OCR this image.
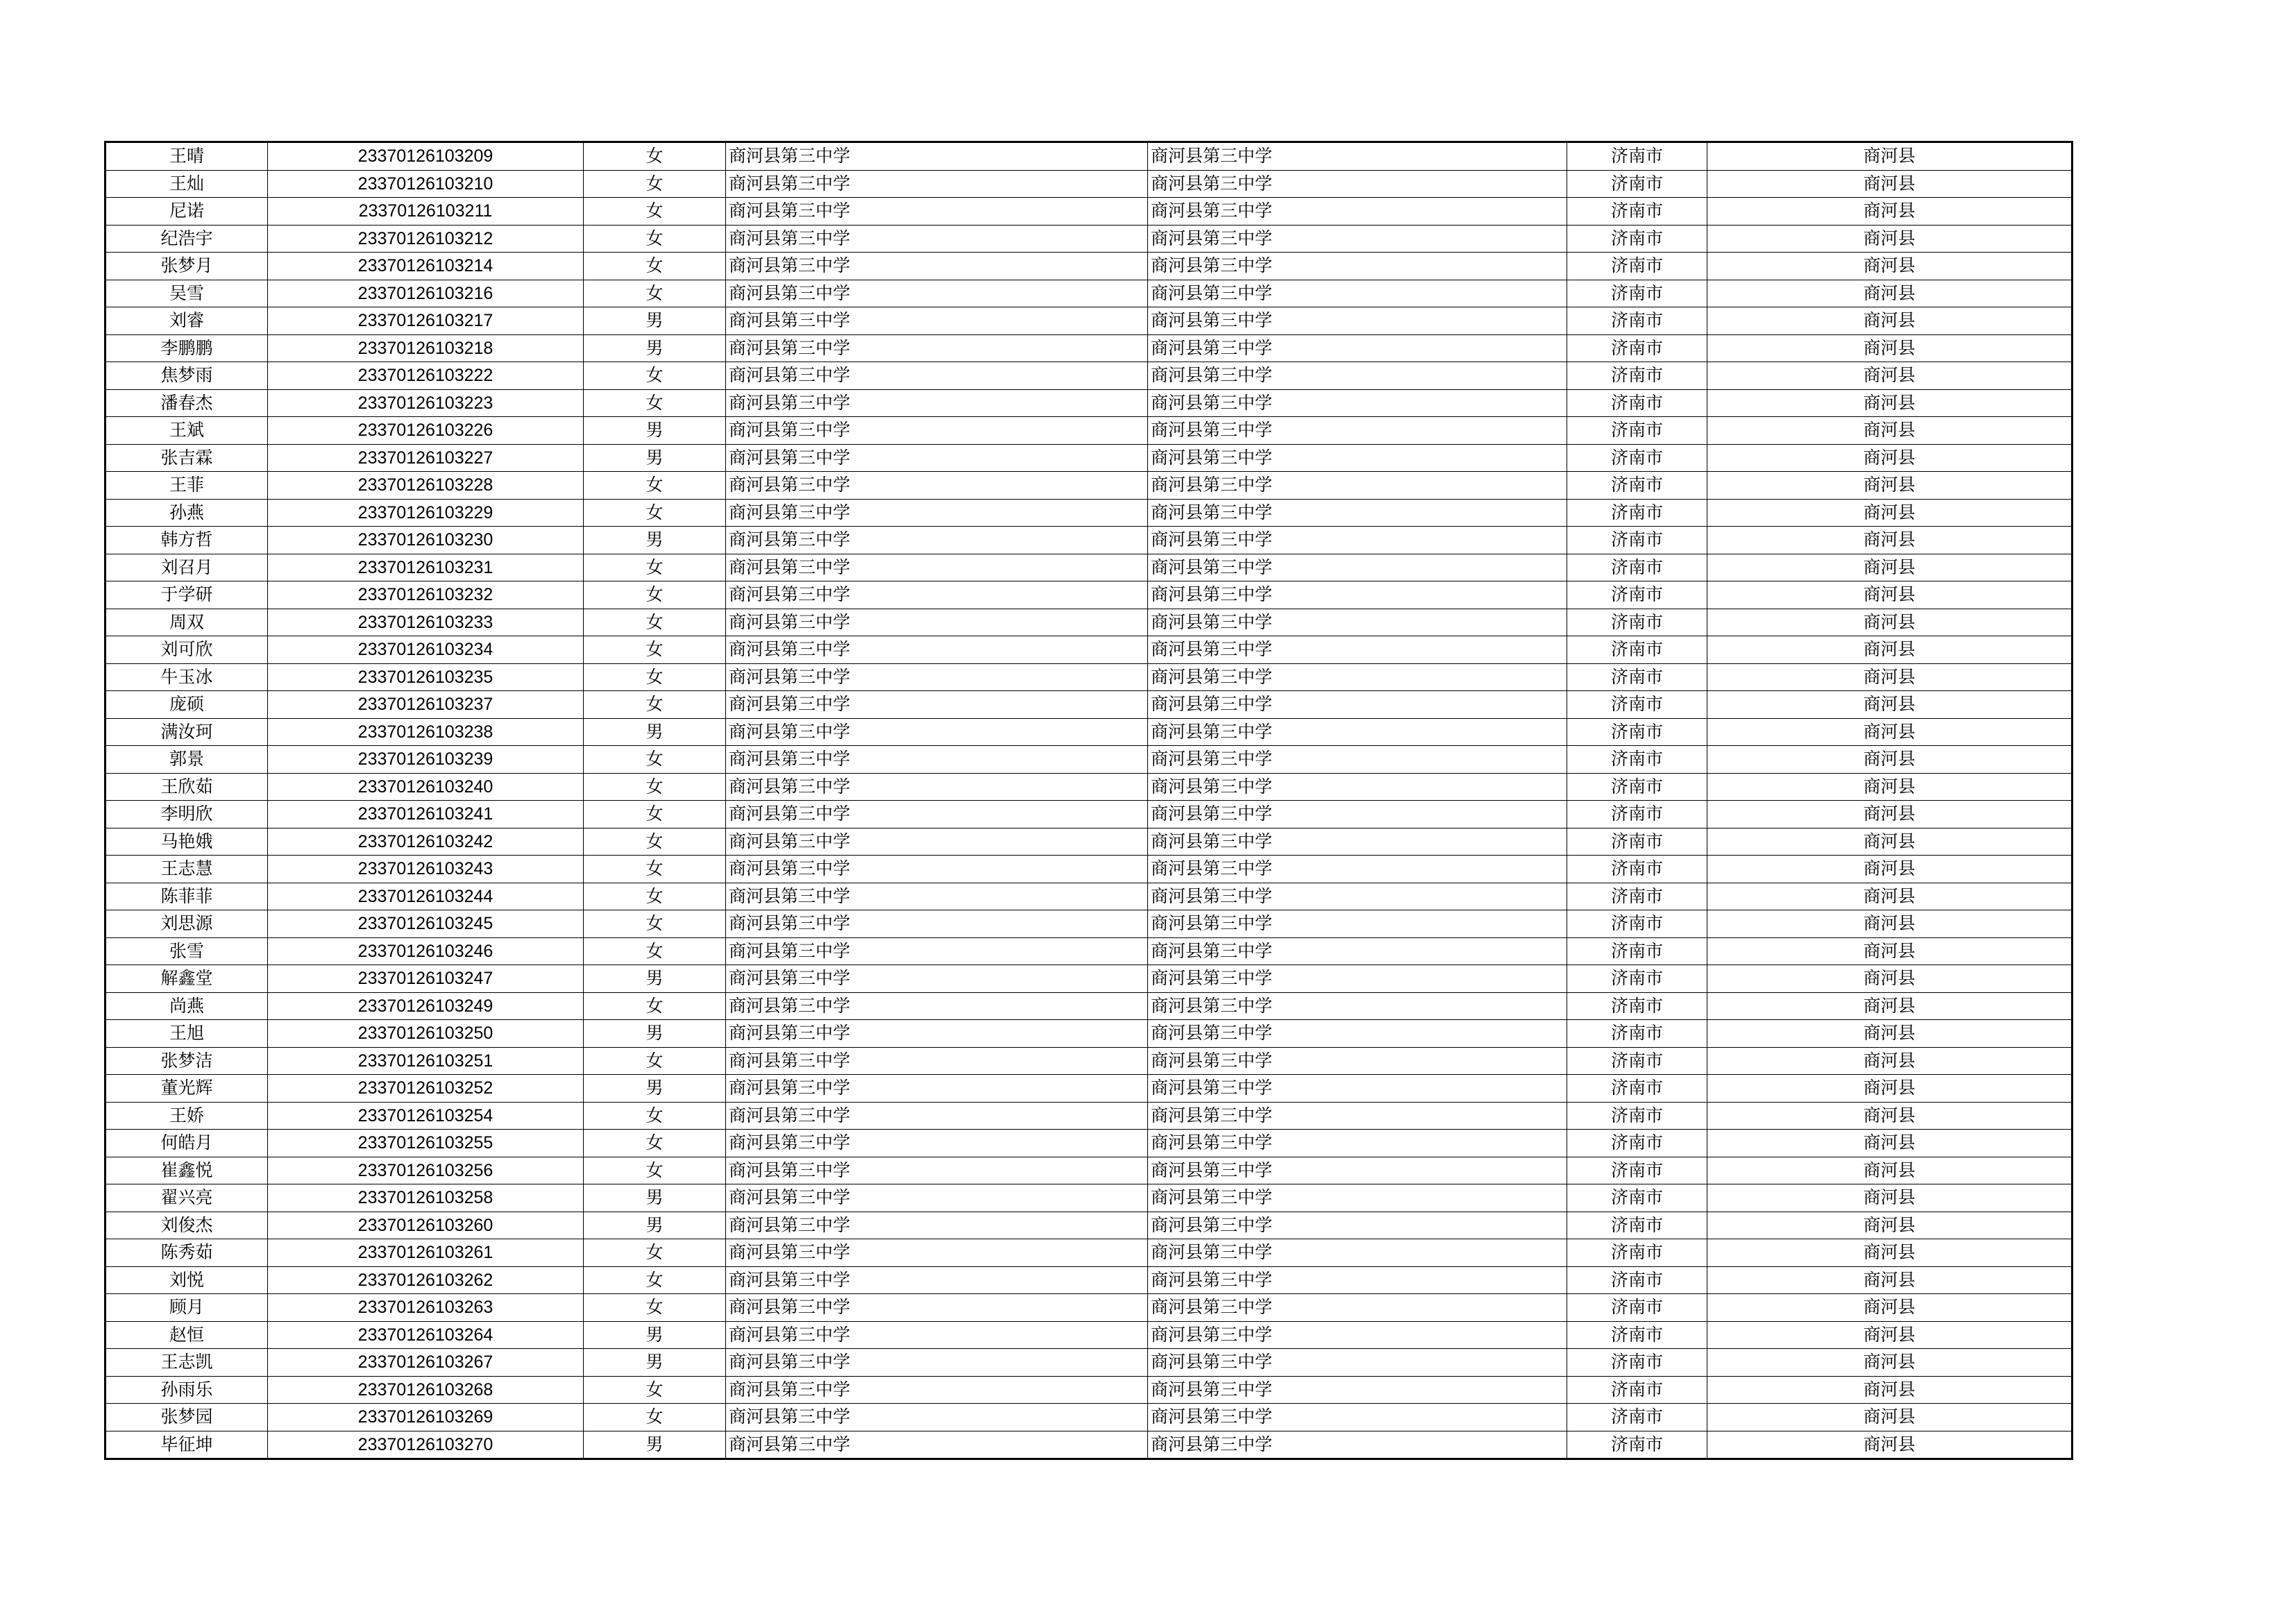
王晴	23370126103209	女	商河县第三中学	商河县第三中学	济南市	商河县
王灿	23370126103210	女	商河县第三中学	商河县第三中学	济南市	商河县
尼诺	23370126103211	女	商河县第三中学	商河县第三中学	济南市	商河县
纪浩宇	23370126103212	女	商河县第三中学	商河县第三中学	济南市	商河县
张梦月	23370126103214	女	商河县第三中学	商河县第三中学	济南市	商河县
吴雪	23370126103216	女	商河县第三中学	商河县第三中学	济南市	商河县
刘睿	23370126103217	男	商河县第三中学	商河县第三中学	济南市	商河县
李鹏鹏	23370126103218	男	商河县第三中学	商河县第三中学	济南市	商河县
焦梦雨	23370126103222	女	商河县第三中学	商河县第三中学	济南市	商河县
潘春杰	23370126103223	女	商河县第三中学	商河县第三中学	济南市	商河县
王斌	23370126103226	男	商河县第三中学	商河县第三中学	济南市	商河县
张吉霖	23370126103227	男	商河县第三中学	商河县第三中学	济南市	商河县
王菲	23370126103228	女	商河县第三中学	商河县第三中学	济南市	商河县
孙燕	23370126103229	女	商河县第三中学	商河县第三中学	济南市	商河县
韩方哲	23370126103230	男	商河县第三中学	商河县第三中学	济南市	商河县
刘召月	23370126103231	女	商河县第三中学	商河县第三中学	济南市	商河县
于学研	23370126103232	女	商河县第三中学	商河县第三中学	济南市	商河县
周双	23370126103233	女	商河县第三中学	商河县第三中学	济南市	商河县
刘可欣	23370126103234	女	商河县第三中学	商河县第三中学	济南市	商河县
牛玉冰	23370126103235	女	商河县第三中学	商河县第三中学	济南市	商河县
庞硕	23370126103237	女	商河县第三中学	商河县第三中学	济南市	商河县
满汝珂	23370126103238	男	商河县第三中学	商河县第三中学	济南市	商河县
郭景	23370126103239	女	商河县第三中学	商河县第三中学	济南市	商河县
王欣茹	23370126103240	女	商河县第三中学	商河县第三中学	济南市	商河县
李明欣	23370126103241	女	商河县第三中学	商河县第三中学	济南市	商河县
马艳娥	23370126103242	女	商河县第三中学	商河县第三中学	济南市	商河县
王志慧	23370126103243	女	商河县第三中学	商河县第三中学	济南市	商河县
陈菲菲	23370126103244	女	商河县第三中学	商河县第三中学	济南市	商河县
刘思源	23370126103245	女	商河县第三中学	商河县第三中学	济南市	商河县
张雪	23370126103246	女	商河县第三中学	商河县第三中学	济南市	商河县
解鑫堂	23370126103247	男	商河县第三中学	商河县第三中学	济南市	商河县
尚燕	23370126103249	女	商河县第三中学	商河县第三中学	济南市	商河县
王旭	23370126103250	男	商河县第三中学	商河县第三中学	济南市	商河县
张梦洁	23370126103251	女	商河县第三中学	商河县第三中学	济南市	商河县
董光辉	23370126103252	男	商河县第三中学	商河县第三中学	济南市	商河县
王娇	23370126103254	女	商河县第三中学	商河县第三中学	济南市	商河县
何皓月	23370126103255	女	商河县第三中学	商河县第三中学	济南市	商河县
崔鑫悦	23370126103256	女	商河县第三中学	商河县第三中学	济南市	商河县
翟兴亮	23370126103258	男	商河县第三中学	商河县第三中学	济南市	商河县
刘俊杰	23370126103260	男	商河县第三中学	商河县第三中学	济南市	商河县
陈秀茹	23370126103261	女	商河县第三中学	商河县第三中学	济南市	商河县
刘悦	23370126103262	女	商河县第三中学	商河县第三中学	济南市	商河县
顾月	23370126103263	女	商河县第三中学	商河县第三中学	济南市	商河县
赵恒	23370126103264	男	商河县第三中学	商河县第三中学	济南市	商河县
王志凯	23370126103267	男	商河县第三中学	商河县第三中学	济南市	商河县
孙雨乐	23370126103268	女	商河县第三中学	商河县第三中学	济南市	商河县
张梦园	23370126103269	女	商河县第三中学	商河县第三中学	济南市	商河县
毕征坤	23370126103270	男	商河县第三中学	商河县第三中学	济南市	商河县
